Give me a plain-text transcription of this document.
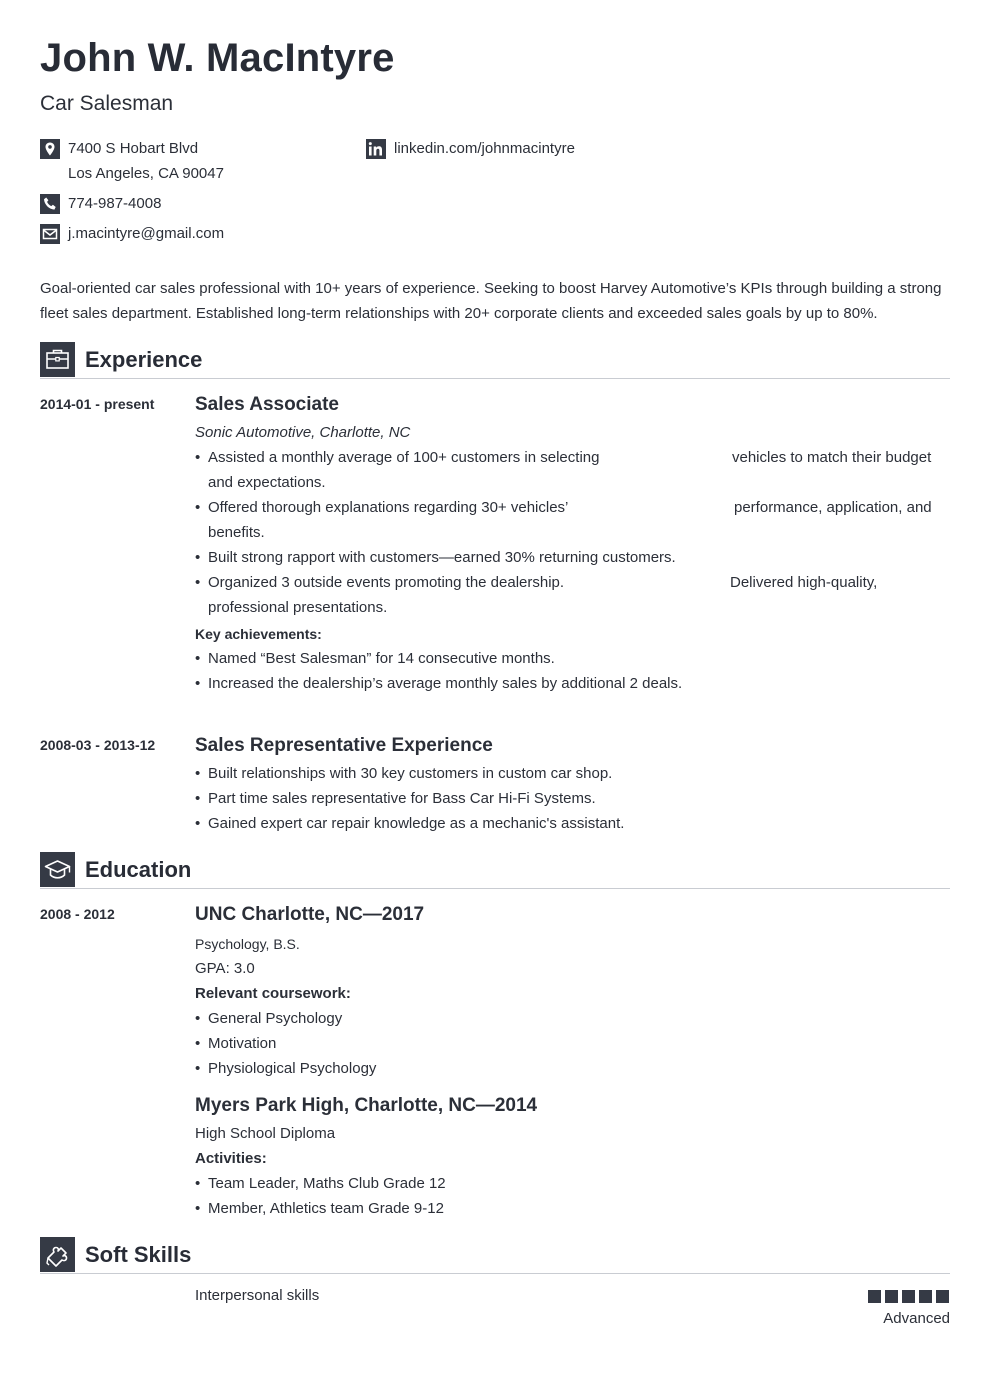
John W. MacIntyre
Car Salesman
7400 S Hobart Blvd
Los Angeles, CA 90047
774-987-4008
j.macintyre@gmail.com
linkedin.com/johnmacintyre
Goal-oriented car sales professional with 10+ years of experience. Seeking to boost Harvey Automotive’s KPIs through building a strong fleet sales department. Established long-term relationships with 20+ corporate clients and exceeded sales goals by up to 80%.
Experience
2014-01 - present Sales Associate
Sonic Automotive, Charlotte, NC
• Assisted a monthly average of 100+ customers in selecting	vehicles to match their budget
and expectations.
• Offered thorough explanations regarding 30+ vehicles’	performance, application, and
benefits.
• Built strong rapport with customers—earned 30% returning customers.
• Organized 3 outside events promoting the dealership.	Delivered high-quality,
professional presentations.
Key achievements:
• Named “Best Salesman” for 14 consecutive months.
• Increased the dealership’s average monthly sales by additional 2 deals.
2008-03 - 2013-12 Sales Representative Experience
• Built relationships with 30 key customers in custom car shop.
• Part time sales representative for Bass Car Hi-Fi Systems.
• Gained expert car repair knowledge as a mechanic's assistant.
Education
2008 - 2012	UNC Charlotte, NC—2017
Psychology, B.S.
GPA: 3.0
Relevant coursework:
• General Psychology
• Motivation
• Physiological Psychology
Myers Park High, Charlotte, NC—2014
High School Diploma
Activities:
• Team Leader, Maths Club Grade 12
• Member, Athletics team Grade 9-12
Soft Skills
Interpersonal skills
Advanced
